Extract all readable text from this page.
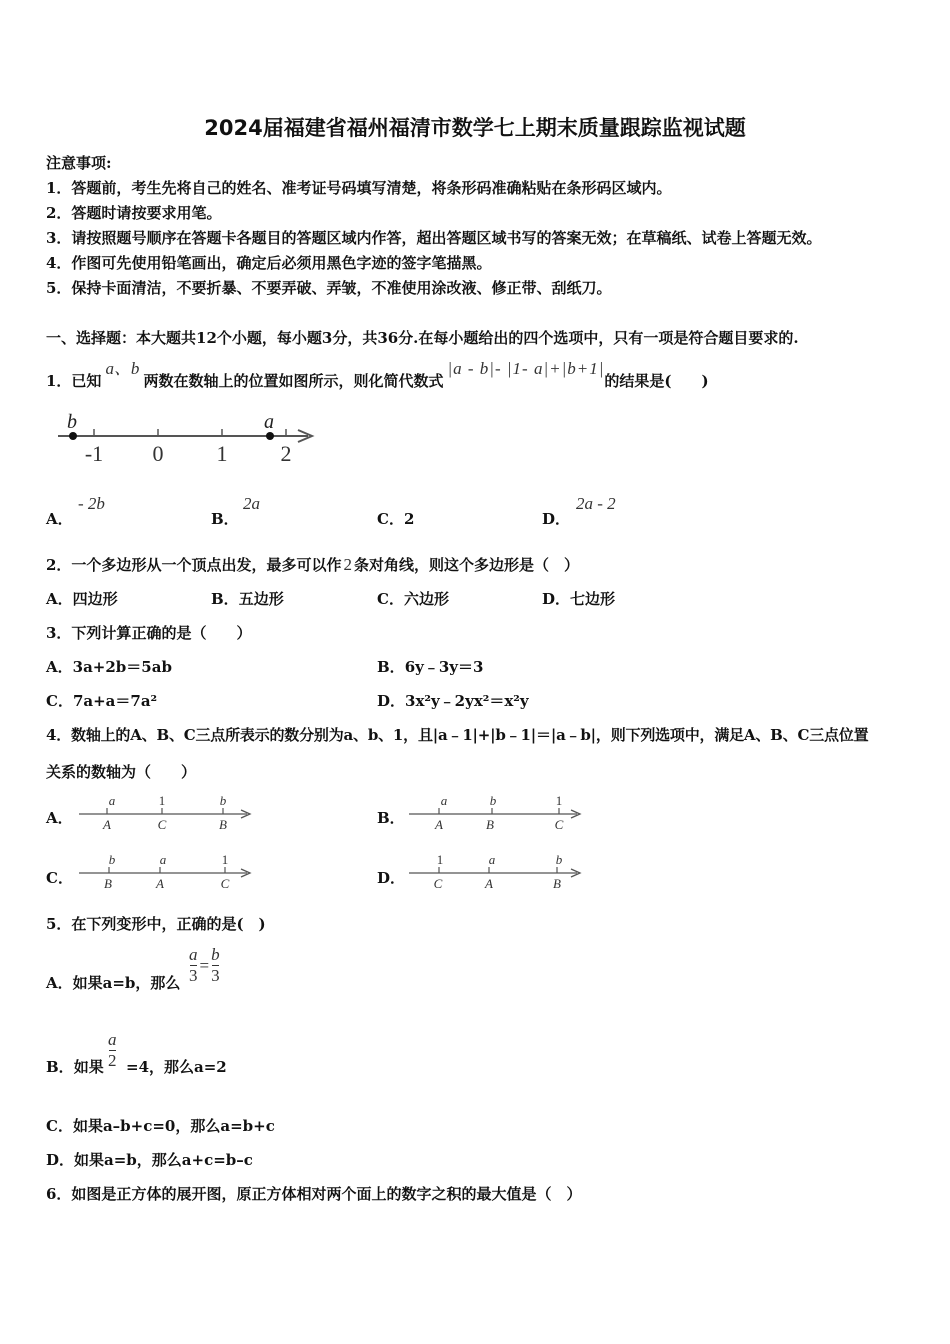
2024届福建省福州福清市数学七上期末质量跟踪监视试题
注意事项:
1．答题前，考生先将自己的姓名、准考证号码填写清楚，将条形码准确粘贴在条形码区域内。
2．答题时请按要求用笔。
3．请按照题号顺序在答题卡各题目的答题区域内作答，超出答题区域书写的答案无效；在草稿纸、试卷上答题无效。
4．作图可先使用铅笔画出，确定后必须用黑色字迹的签字笔描黑。
5．保持卡面清洁，不要折暴、不要弄破、弄皱，不准使用涂改液、修正带、刮纸刀。
一、选择题：本大题共12个小题，每小题3分，共36分.在每小题给出的四个选项中，只有一项是符合题目要求的.
1．已知a、b两数在数轴上的位置如图所示，则化简代数式|a - b|- |1- a|+|b+1|的结果是(　　)
b	a
-1 0 1 2
A．
- 2b
B．
2a
C．2	D．
2a - 2
2．一个多边形从一个顶点出发，最多可以作 2 条对角线，则这个多边形是（　）
A．四边形	B．五边形	C．六边形	D．七边形
3．下列计算正确的是（　　）
A．3a+2b＝5ab	B．6y﹣3y＝3
C．7a+a＝7a²	D．3x²y﹣2yx²＝x²y
4．数轴上的A、B、C三点所表示的数分别为a、b、1，且|a﹣1|+|b﹣1|＝|a﹣b|，则下列选项中，满足A、B、C三点位置
关系的数轴为（　　）
A．
a	1	b
A	C	B	B．
a	b	1
A	B	C
C．
b	a	1
B	A	C	D．
1	a	b
C	A	B
5．在下列变形中，正确的是(　)
A．如果a=b，那么 $\frac{a}{3} = \frac{b}{3}$
B．如果 $\frac{a}{2} =4$，那么a=2
C．如果a–b+c=0，那么a=b+c
D．如果a=b，那么a+c=b–c
6．如图是正方体的展开图，原正方体相对两个面上的数字之积的最大值是（　）
